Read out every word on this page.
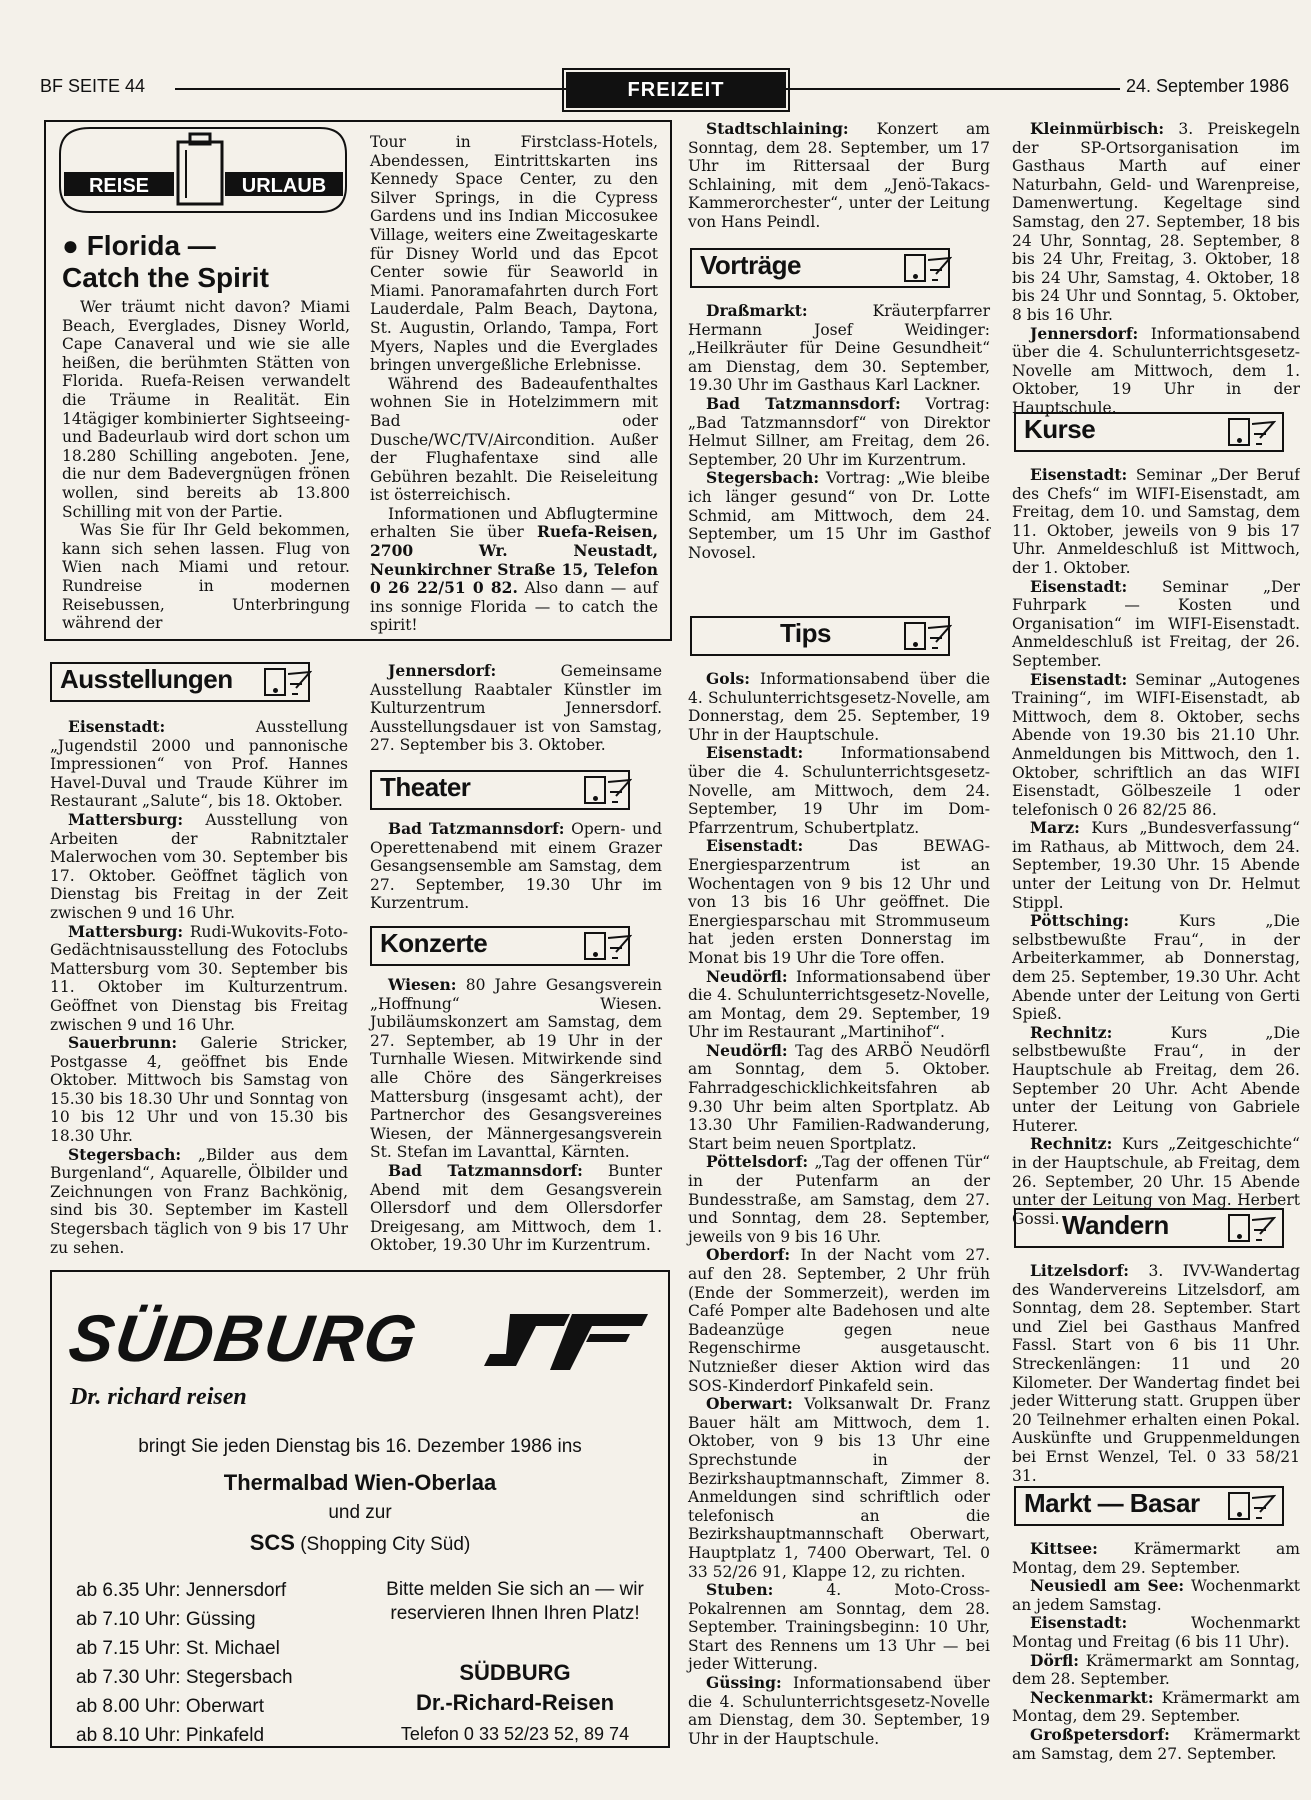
BF SEITE 44	FREIZEIT	24. September 1986
REISE	URLAUB
● Florida —
Catch the Spirit

Wer träumt nicht davon? Miami Beach, Everglades, Disney World, Cape Canaveral und wie sie alle heißen, die berühmten Stätten von Florida. Ruefa-Reisen verwandelt die Träume in Realität. Ein 14tägiger kombinierter Sightseeing- und Badeurlaub wird dort schon um 18.280 Schilling angeboten. Jene, die nur dem Badevergnügen frönen wollen, sind bereits ab 13.800 Schilling mit von der Partie.

Was Sie für Ihr Geld bekommen, kann sich sehen lassen. Flug von Wien nach Miami und retour. Rundreise in modernen Reisebussen, Unterbringung während der

Tour in Firstclass-Hotels, Abendessen, Eintrittskarten ins Kennedy Space Center, zu den Silver Springs, in die Cypress Gardens und ins Indian Miccosukee Village, weiters eine Zweitageskarte für Disney World und das Epcot Center sowie für Seaworld in Miami. Panoramafahrten durch Fort Lauderdale, Palm Beach, Daytona, St. Augustin, Orlando, Tampa, Fort Myers, Naples und die Everglades bringen unvergeßliche Erlebnisse.

Während des Badeaufenthaltes wohnen Sie in Hotelzimmern mit Bad oder Dusche/WC/TV/Aircondition. Außer der Flughafentaxe sind alle Gebühren bezahlt. Die Reiseleitung ist österreichisch.

Informationen und Abflugtermine erhalten Sie über Ruefa-Reisen, 2700 Wr. Neustadt, Neunkirchner Straße 15, Telefon 0 26 22/51 0 82. Also dann — auf ins sonnige Florida — to catch the spirit!

Ausstellungen

Eisenstadt:	Ausstellung „Jugendstil 2000 und pannonische Impressionen“ von Prof. Hannes Havel-Duval und Traude Kührer im Restaurant „Salute“, bis 18. Oktober.

Mattersburg: Ausstellung von Arbeiten der Rabnitztaler Malerwochen vom 30. September bis 17. Oktober. Geöffnet täglich von Dienstag bis Freitag in der Zeit zwischen 9 und 16 Uhr.

Mattersburg: Rudi-Wukovits-Foto-Gedächtnisausstellung des Fotoclubs Mattersburg vom 30. September bis 11. Oktober im Kulturzentrum. Geöffnet von Dienstag bis Freitag zwischen 9 und 16 Uhr.

Sauerbrunn: Galerie Stricker, Postgasse 4, geöffnet bis Ende Oktober. Mittwoch bis Samstag von 15.30 bis 18.30 Uhr und Sonntag von 10 bis 12 Uhr und von 15.30 bis 18.30 Uhr.

Stegersbach: „Bilder aus dem Burgenland“, Aquarelle, Ölbilder und Zeichnungen von Franz Bachkönig, sind bis 30. September im Kastell Stegersbach täglich von 9 bis 17 Uhr zu sehen.

Jennersdorf:	Gemeinsame Ausstellung Raabtaler Künstler im Kulturzentrum Jennersdorf. Ausstellungsdauer ist von Samstag, 27. September bis 3. Oktober.

Theater

Bad Tatzmannsdorf: Opern- und Operettenabend mit einem Grazer Gesangsensemble am Samstag, dem 27. September, 19.30 Uhr im Kurzentrum.

Konzerte

Wiesen: 80 Jahre Gesangsverein „Hoffnung“ Wiesen. Jubiläumskonzert am Samstag, dem 27. September, ab 19 Uhr in der Turnhalle Wiesen. Mitwirkende sind alle Chöre des Sängerkreises Mattersburg (insgesamt acht), der Partnerchor des Gesangsvereines Wiesen, der Männergesangsverein St. Stefan im Lavanttal, Kärnten.

Bad Tatzmannsdorf: Bunter Abend mit dem Gesangsverein Ollersdorf und dem Ollersdorfer Dreigesang, am Mittwoch, dem 1. Oktober, 19.30 Uhr im Kurzentrum.

Stadtschlaining: Konzert am Sonntag, dem 28. September, um 17 Uhr im Rittersaal der Burg Schlaining, mit dem „Jenö-Takacs-Kammerorchester“, unter der Leitung von Hans Peindl.

Vorträge

Draßmarkt:	Kräuterpfarrer Hermann Josef Weidinger: „Heilkräuter für Deine Gesundheit“ am Dienstag, dem 30. September, 19.30 Uhr im Gasthaus Karl Lackner.

Bad Tatzmannsdorf: Vortrag: „Bad Tatzmannsdorf“ von Direktor Helmut Sillner, am Freitag, dem 26. September, 20 Uhr im Kurzentrum.

Stegersbach: Vortrag: „Wie bleibe ich länger gesund“ von Dr. Lotte Schmid, am Mittwoch, dem 24. September, um 15 Uhr im Gasthof Novosel.

Tips

Gols: Informationsabend über die 4. Schulunterrichtsgesetz-Novelle, am Donnerstag, dem 25. September, 19 Uhr in der Hauptschule.

Eisenstadt: Informationsabend über die 4. Schulunterrichtsgesetz-Novelle, am Mittwoch, dem 24. September, 19 Uhr im Dom-Pfarrzentrum, Schubertplatz.

Eisenstadt:	Das BEWAG-Energiesparzentrum ist an Wochentagen von 9 bis 12 Uhr und von 13 bis 16 Uhr geöffnet. Die Energiesparschau mit Strommuseum hat jeden ersten Donnerstag im Monat bis 19 Uhr die Tore offen.

Neudörfl: Informationsabend über die 4. Schulunterrichtsgesetz-Novelle, am Montag, dem 29. September, 19 Uhr im Restaurant „Martinihof“.

Neudörfl: Tag des ARBÖ Neudörfl am Sonntag, dem 5. Oktober. Fahrradgeschicklichkeitsfahren ab 9.30 Uhr beim alten Sportplatz. Ab 13.30 Uhr Familien-Radwanderung, Start beim neuen Sportplatz.

Pöttelsdorf: „Tag der offenen Tür“ in der Putenfarm an der Bundesstraße, am Samstag, dem 27. und Sonntag, dem 28. September, jeweils von 9 bis 16 Uhr.

Oberdorf: In der Nacht vom 27. auf den 28. September, 2 Uhr früh (Ende der Sommerzeit), werden im Café Pomper alte Badehosen und alte Badeanzüge gegen neue Regenschirme ausgetauscht. Nutznießer dieser Aktion wird das SOS-Kinderdorf Pinkafeld sein.

Oberwart: Volksanwalt Dr. Franz Bauer hält am Mittwoch, dem 1. Oktober, von 9 bis 13 Uhr eine Sprechstunde in der Bezirkshauptmannschaft, Zimmer 8. Anmeldungen sind schriftlich oder telefonisch an die Bezirkshauptmannschaft Oberwart, Hauptplatz 1, 7400 Oberwart, Tel. 0 33 52/26 91, Klappe 12, zu richten.

Stuben:	4. Moto-Cross-Pokalrennen am Sonntag, dem 28. September. Trainingsbeginn: 10 Uhr, Start des Rennens um 13 Uhr — bei jeder Witterung.

Güssing: Informationsabend über die 4. Schulunterrichtsgesetz-Novelle am Dienstag, dem 30. September, 19 Uhr in der Hauptschule.

Kleinmürbisch: 3. Preiskegeln der SP-Ortsorganisation im Gasthaus Marth auf einer Naturbahn, Geld- und Warenpreise, Damenwertung. Kegeltage sind Samstag, den 27. September, 18 bis 24 Uhr, Sonntag, 28. September, 8 bis 24 Uhr, Freitag, 3. Oktober, 18 bis 24 Uhr, Samstag, 4. Oktober, 18 bis 24 Uhr und Sonntag, 5. Oktober, 8 bis 16 Uhr.

Jennersdorf: Informationsabend über die 4. Schulunterrichtsgesetz-Novelle am Mittwoch, dem 1. Oktober, 19 Uhr in der Hauptschule.

Kurse

Eisenstadt: Seminar „Der Beruf des Chefs“ im WIFI-Eisenstadt, am Freitag, dem 10. und Samstag, dem 11. Oktober, jeweils von 9 bis 17 Uhr. Anmeldeschluß ist Mittwoch, der 1. Oktober.

Eisenstadt: Seminar „Der Fuhrpark — Kosten und Organisation“ im WIFI-Eisenstadt. Anmeldeschluß ist Freitag, der 26. September.

Eisenstadt: Seminar „Autogenes Training“, im WIFI-Eisenstadt, ab Mittwoch, dem 8. Oktober, sechs Abende von 19.30 bis 21.10 Uhr. Anmeldungen bis Mittwoch, den 1. Oktober, schriftlich an das WIFI Eisenstadt, Gölbeszeile 1 oder telefonisch 0 26 82/25 86.

Marz: Kurs „Bundesverfassung“ im Rathaus, ab Mittwoch, dem 24. September, 19.30 Uhr. 15 Abende unter der Leitung von Dr. Helmut Stippl.

Pöttsching:	Kurs „Die selbstbewußte Frau“, in der Arbeiterkammer, ab Donnerstag, dem 25. September, 19.30 Uhr. Acht Abende unter der Leitung von Gerti Spieß.

Rechnitz:	Kurs „Die selbstbewußte Frau“, in der Hauptschule ab Freitag, dem 26. September 20 Uhr. Acht Abende unter der Leitung von Gabriele Huterer.

Rechnitz: Kurs „Zeitgeschichte“ in der Hauptschule, ab Freitag, dem 26. September, 20 Uhr. 15 Abende unter der Leitung von Mag. Herbert Gossi. Wandern

Litzelsdorf: 3. IVV-Wandertag des Wandervereins Litzelsdorf, am Sonntag, dem 28. September. Start und Ziel bei Gasthaus Manfred Fassl. Start von 6 bis 11 Uhr. Streckenlängen: 11 und 20 Kilometer. Der Wandertag findet bei jeder Witterung statt. Gruppen über 20 Teilnehmer erhalten einen Pokal. Auskünfte und Gruppenmeldungen bei Ernst Wenzel, Tel. 0 33 58/21 31.

Markt — Basar

Kittsee: Krämermarkt am Montag, dem 29. September.

Neusiedl am See: Wochenmarkt an jedem Samstag.

Eisenstadt:	Wochenmarkt Montag und Freitag (6 bis 11 Uhr).

Dörfl: Krämermarkt am Sonntag, dem 28. September.

Neckenmarkt: Krämermarkt am Montag, dem 29. September.

Großpetersdorf: Krämermarkt am Samstag, dem 27. September.

SÜDBURG
Dr. richard reisen
bringt Sie jeden Dienstag bis 16. Dezember 1986 ins
Thermalbad Wien-Oberlaa
und zur
SCS (Shopping City Süd)
ab 6.35 Uhr: Jennersdorf
ab 7.10 Uhr: Güssing
ab 7.15 Uhr: St. Michael
ab 7.30 Uhr: Stegersbach
ab 8.00 Uhr: Oberwart
ab 8.10 Uhr: Pinkafeld
Bitte melden Sie sich an — wir reservieren Ihnen Ihren Platz!
SÜDBURG
Dr.-Richard-Reisen
Telefon 0 33 52/23 52, 89 74
